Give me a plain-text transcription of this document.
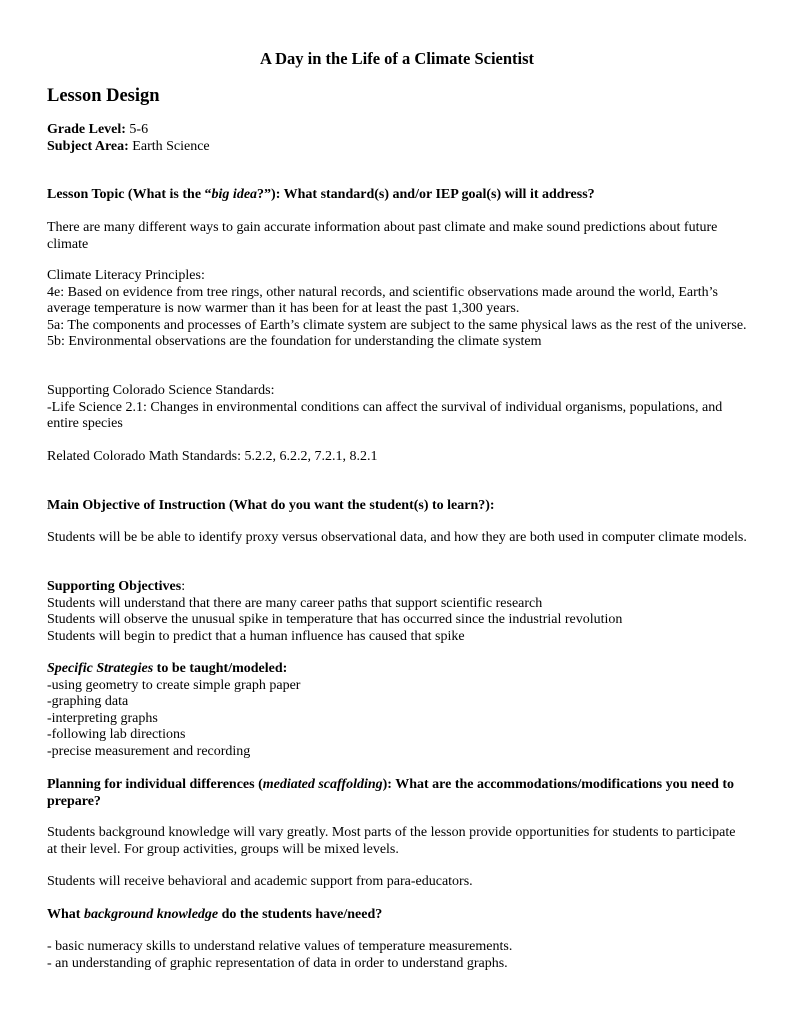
A Day in the Life of a Climate Scientist
Lesson Design
Grade Level: 5-6
Subject Area: Earth Science
Lesson Topic (What is the “big idea?”): What standard(s) and/or IEP goal(s) will it address?
There are many different ways to gain accurate information about past climate and make sound predictions about future climate
Climate Literacy Principles:
4e: Based on evidence from tree rings, other natural records, and scientific observations made around the world, Earth’s average temperature is now warmer than it has been for at least the past 1,300 years.
5a: The components and processes of Earth’s climate system are subject to the same physical laws as the rest of the universe.
5b: Environmental observations are the foundation for understanding the climate system
Supporting Colorado Science Standards:
-Life Science 2.1: Changes in environmental conditions can affect the survival of individual organisms, populations, and entire species
Related Colorado Math Standards: 5.2.2, 6.2.2, 7.2.1, 8.2.1
Main Objective of Instruction (What do you want the student(s) to learn?):
Students will be be able to identify proxy versus observational data, and how they are both used in computer climate models.
Supporting Objectives:
Students will understand that there are many career paths that support scientific research
Students will observe the unusual spike in temperature that has occurred since the industrial revolution
Students will begin to predict that a human influence has caused that spike
Specific Strategies to be taught/modeled:
-using geometry to create simple graph paper
-graphing data
-interpreting graphs
-following lab directions
-precise measurement and recording
Planning for individual differences (mediated scaffolding): What are the accommodations/modifications you need to prepare?
Students background knowledge will vary greatly. Most parts of the lesson provide opportunities for students to participate at their level. For group activities, groups will be mixed levels.
Students will receive behavioral and academic support from para-educators.
What background knowledge do the students have/need?
- basic numeracy skills to understand relative values of temperature measurements.
- an understanding of graphic representation of data in order to understand graphs.
